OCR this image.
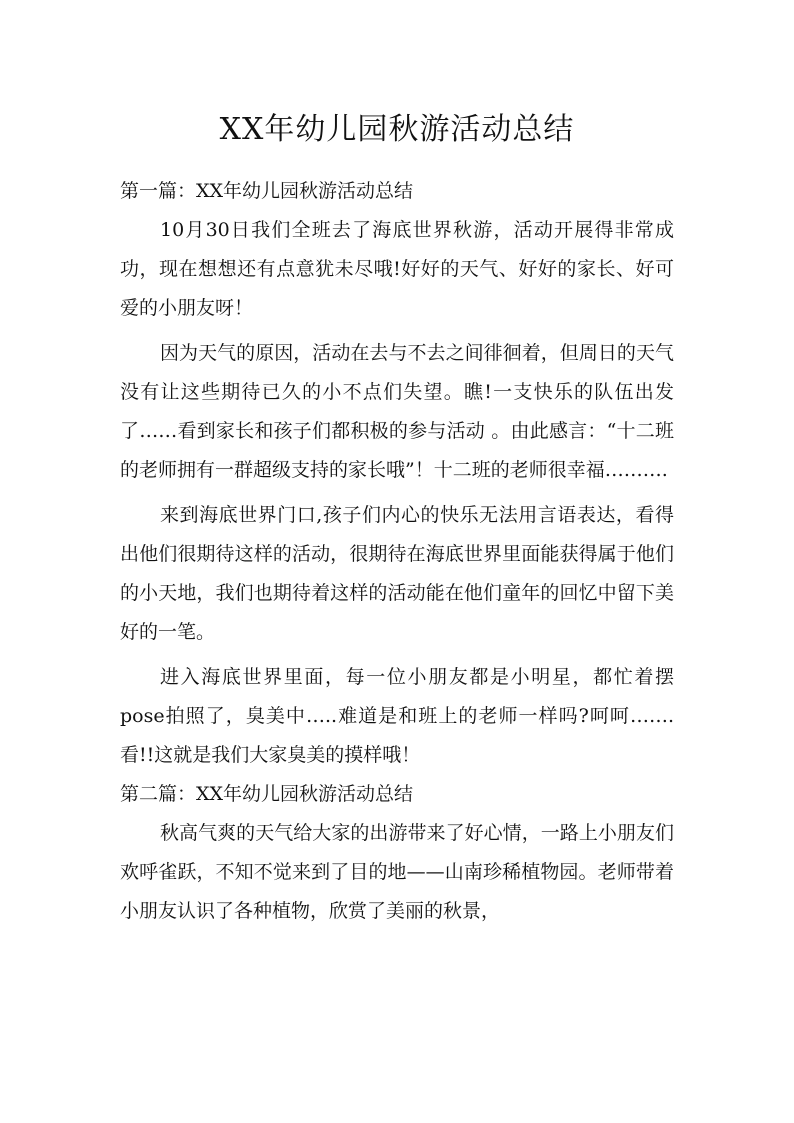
XX年幼儿园秋游活动总结

第一篇：XX年幼儿园秋游活动总结

10月30日我们全班去了海底世界秋游，活动开展得非常成功，现在想想还有点意犹未尽哦!好好的天气、好好的家长、好可爱的小朋友呀！

因为天气的原因，活动在去与不去之间徘徊着，但周日的天气没有让这些期待已久的小不点们失望。瞧!一支快乐的队伍出发了……看到家长和孩子们都积极的参与活动 。由此感言：“十二班的老师拥有一群超级支持的家长哦”！十二班的老师很幸福……….

来到海底世界门口,孩子们内心的快乐无法用言语表达，看得出他们很期待这样的活动，很期待在海底世界里面能获得属于他们的小天地，我们也期待着这样的活动能在他们童年的回忆中留下美好的一笔。

进入海底世界里面，每一位小朋友都是小明星，都忙着摆pose拍照了，臭美中…..难道是和班上的老师一样吗?呵呵…….看!!这就是我们大家臭美的摸样哦！

第二篇：XX年幼儿园秋游活动总结

秋高气爽的天气给大家的出游带来了好心情，一路上小朋友们欢呼雀跃，不知不觉来到了目的地——山南珍稀植物园。老师带着小朋友认识了各种植物，欣赏了美丽的秋景，
